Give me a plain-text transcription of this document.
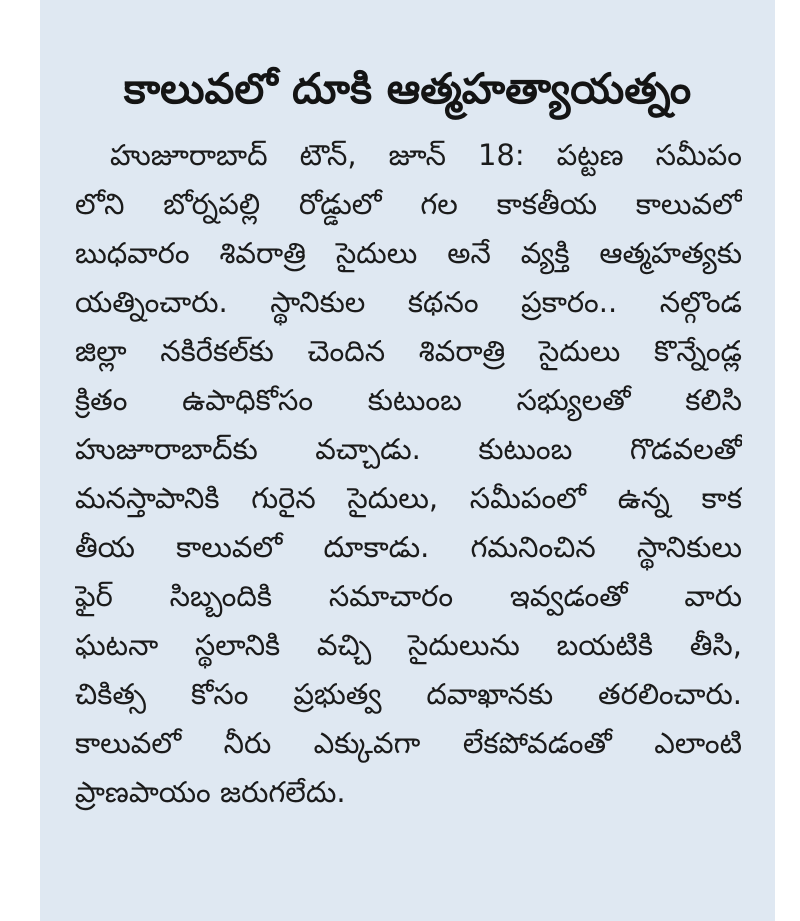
కాలువలో దూకి ఆత్మహత్యాయత్నం
హుజూరాబాద్ టౌన్, జూన్ 18: పట్టణ సమీపం
లోని బోర్నపల్లి రోడ్డులో గల కాకతీయ కాలువలో
బుధవారం శివరాత్రి సైదులు అనే వ్యక్తి ఆత్మహత్యకు
యత్నించారు. స్థానికుల కథనం ప్రకారం.. నల్గొండ
జిల్లా నకిరేకల్‌కు చెందిన శివరాత్రి సైదులు కొన్నేండ్ల
క్రితం ఉపాధికోసం కుటుంబ సభ్యులతో కలిసి
హుజూరాబాద్‌కు వచ్చాడు. కుటుంబ గొడవలతో
మనస్తాపానికి గురైన సైదులు, సమీపంలో ఉన్న కాక
తీయ కాలువలో దూకాడు. గమనించిన స్థానికులు
ఫైర్ సిబ్బందికి సమాచారం ఇవ్వడంతో వారు
ఘటనా స్థలానికి వచ్చి సైదులును బయటికి తీసి,
చికిత్స కోసం ప్రభుత్వ దవాఖానకు తరలించారు.
కాలువలో నీరు ఎక్కువగా లేకపోవడంతో ఎలాంటి
ప్రాణపాయం జరుగలేదు.
